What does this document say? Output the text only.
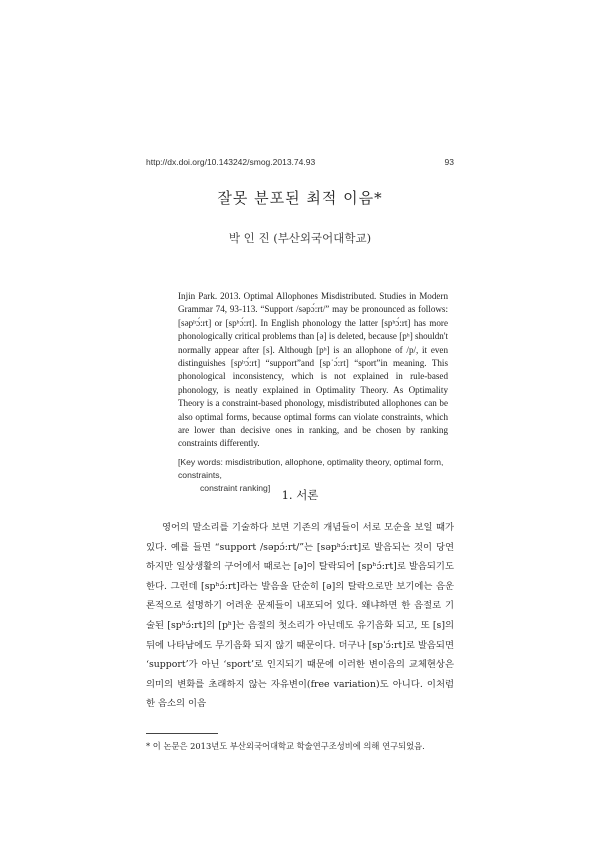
http://dx.doi.org/10.143242/smog.2013.74.93	93
잘못 분포된 최적 이음*
박 인 진 (부산외국어대학교)

Injin Park. 2013. Optimal Allophones Misdistributed. Studies in Modern Grammar 74, 93-113. “Support /səpɔ́:rt/” may be pronounced as follows: [səpʰɔ́:rt] or [spʰɔ́:rt]. In English phonology the latter [spʰɔ́:rt] has more phonologically critical problems than [ə] is deleted, because [pʰ] shouldn't normally appear after [s]. Although [pʰ] is an allophone of /p/, it even distinguishes [spʰɔ́:rt] “support”and [spˈɔ́:rt] “sport”in meaning. This phonological inconsistency, which is not explained in rule-based phonology, is neatly explained in Optimality Theory. As Optimality Theory is a constraint-based phonology, misdistributed allophones can be also optimal forms, because optimal forms can violate constraints, which are lower than decisive ones in ranking, and be chosen by ranking constraints differently.

[Key words: misdistribution, allophone, optimality theory, optimal form, constraints,
constraint ranking]
1. 서론

영어의 말소리를 기술하다 보면 기존의 개념들이 서로 모순을 보일 때가 있다. 예를 들면 “support /səpɔ́:rt/”는 [səpʰɔ́:rt]로 발음되는 것이 당연하지만 일상생활의 구어에서 때로는 [ə]이 탈락되어 [spʰɔ́:rt]로 발음되기도 한다. 그런데 [spʰɔ́:rt]라는 발음을 단순히 [ə]의 탈락으로만 보기에는 음운론적으로 설명하기 어려운 문제들이 내포되어 있다. 왜냐하면 한 음절로 기술된 [spʰɔ́:rt]의 [pʰ]는 음절의 첫소리가 아닌데도 유기음화 되고, 또 [s]의 뒤에 나타남에도 무기음화 되지 않기 때문이다. 더구나 [spˈɔ́:rt]로 발음되면 ‘support’가 아닌 ‘sport’로 인지되기 때문에 이러한 변이음의 교체현상은 의미의 변화를 초래하지 않는 자유변이(free variation)도 아니다. 이처럼 한 음소의 이음

* 이 논문은 2013년도 부산외국어대학교 학술연구조성비에 의해 연구되었음.
